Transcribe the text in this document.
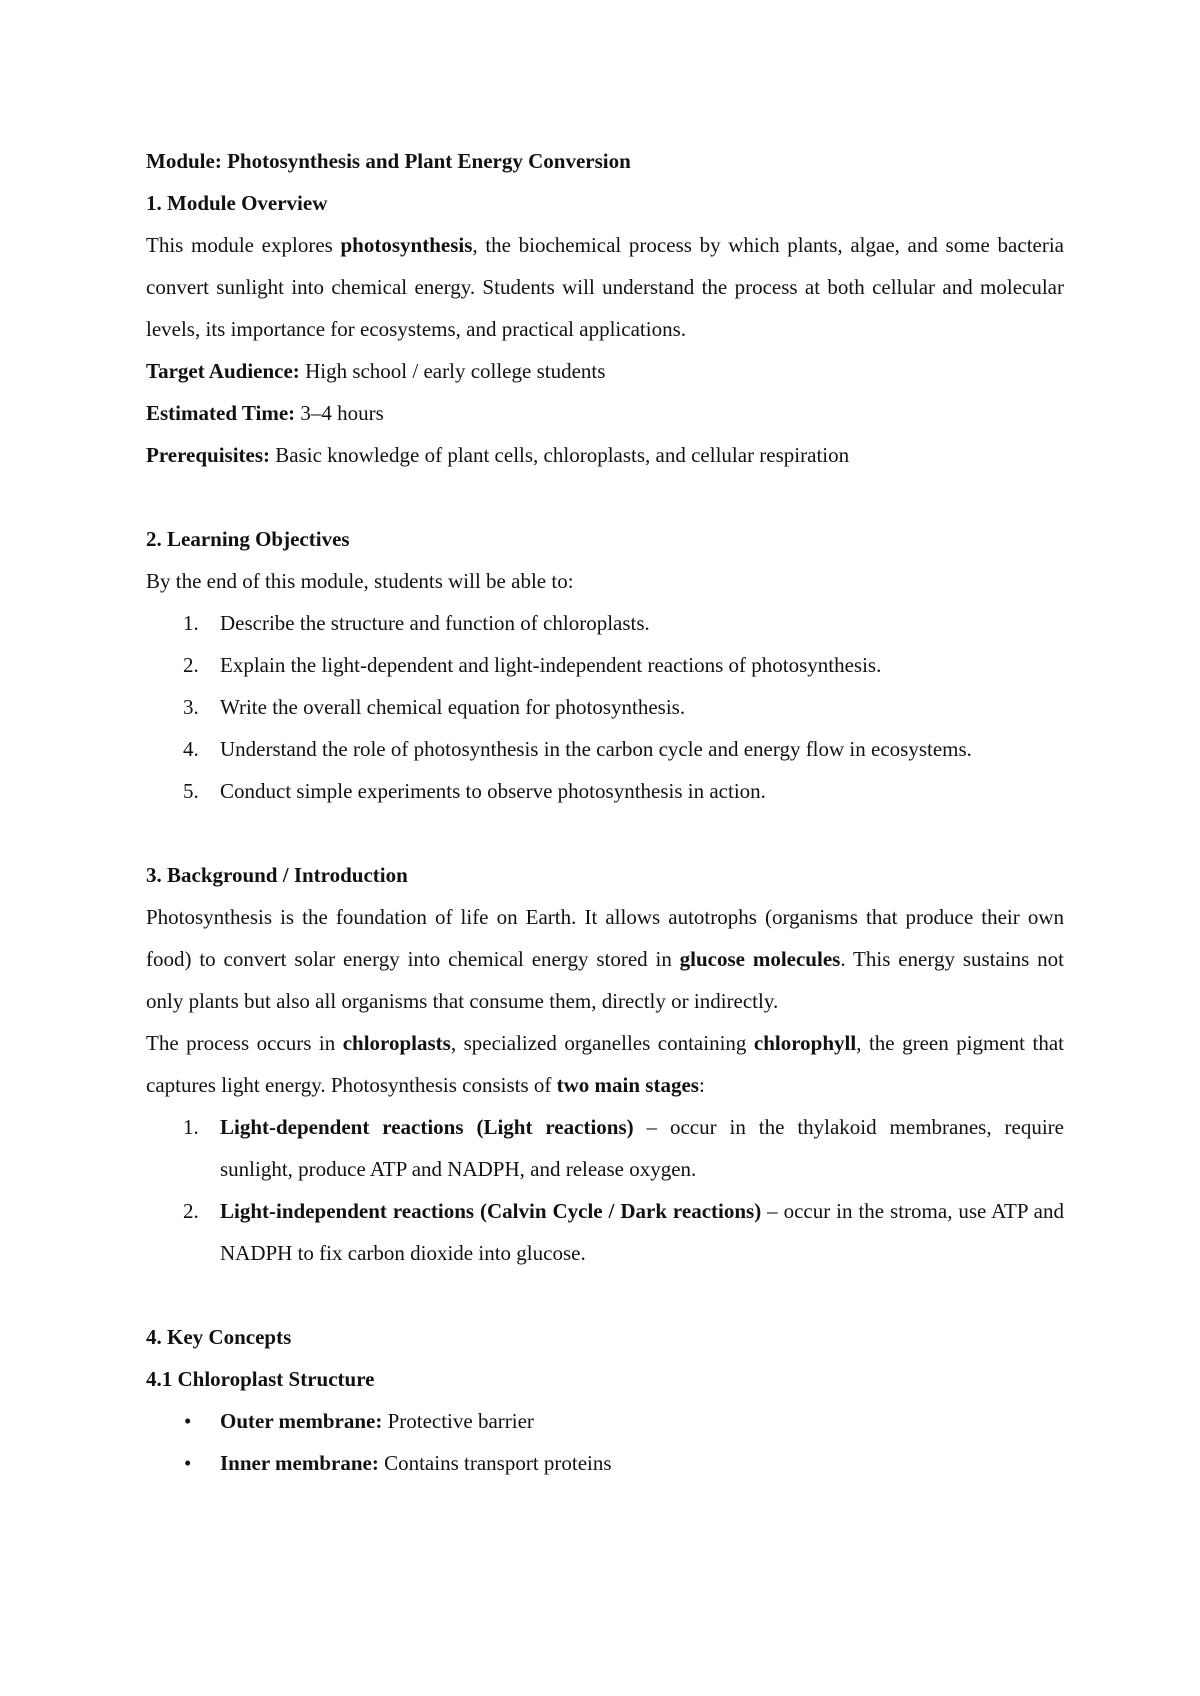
Module: Photosynthesis and Plant Energy Conversion

1. Module Overview

This module explores photosynthesis, the biochemical process by which plants, algae, and some bacteria convert sunlight into chemical energy. Students will understand the process at both cellular and molecular levels, its importance for ecosystems, and practical applications.

Target Audience: High school / early college students

Estimated Time: 3–4 hours

Prerequisites: Basic knowledge of plant cells, chloroplasts, and cellular respiration

2. Learning Objectives

By the end of this module, students will be able to:

1. Describe the structure and function of chloroplasts.
2. Explain the light-dependent and light-independent reactions of photosynthesis.
3. Write the overall chemical equation for photosynthesis.
4. Understand the role of photosynthesis in the carbon cycle and energy flow in ecosystems.
5. Conduct simple experiments to observe photosynthesis in action.

3. Background / Introduction

Photosynthesis is the foundation of life on Earth. It allows autotrophs (organisms that produce their own food) to convert solar energy into chemical energy stored in glucose molecules. This energy sustains not only plants but also all organisms that consume them, directly or indirectly.

The process occurs in chloroplasts, specialized organelles containing chlorophyll, the green pigment that captures light energy. Photosynthesis consists of two main stages:

1. Light-dependent reactions (Light reactions) – occur in the thylakoid membranes, require sunlight, produce ATP and NADPH, and release oxygen.
2. Light-independent reactions (Calvin Cycle / Dark reactions) – occur in the stroma, use ATP and NADPH to fix carbon dioxide into glucose.

4. Key Concepts

4.1 Chloroplast Structure

• Outer membrane: Protective barrier
• Inner membrane: Contains transport proteins
